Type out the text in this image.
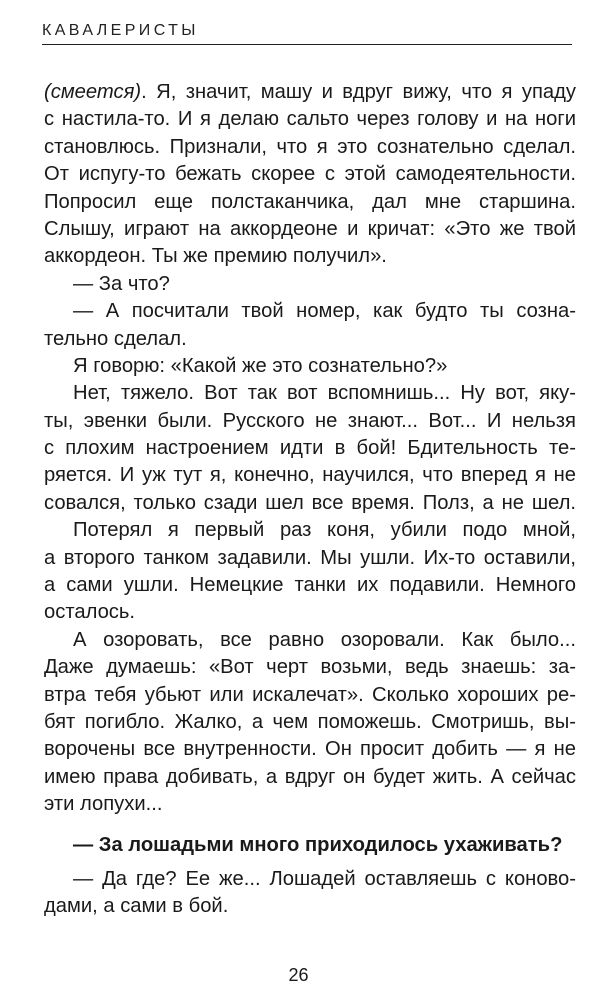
КАВАЛЕРИСТЫ
(смеется). Я, значит, машу и вдруг вижу, что я упаду
с настила-то. И я делаю сальто через голову и на ноги
становлюсь. Признали, что я это сознательно сделал.
От испугу-то бежать скорее с этой самодеятельности.
Попросил еще полстаканчика, дал мне старшина.
Слышу, играют на аккордеоне и кричат: «Это же твой
аккордеон. Ты же премию получил».
— За что?
— А посчитали твой номер, как будто ты созна-
тельно сделал.
Я говорю: «Какой же это сознательно?»
Нет, тяжело. Вот так вот вспомнишь... Ну вот, яку-
ты, эвенки были. Русского не знают... Вот... И нельзя
с плохим настроением идти в бой! Бдительность те-
ряется. И уж тут я, конечно, научился, что вперед я не
совался, только сзади шел все время. Полз, а не шел.
Потерял я первый раз коня, убили подо мной,
а второго танком задавили. Мы ушли. Их-то оставили,
а сами ушли. Немецкие танки их подавили. Немного
осталось.
А озоровать, все равно озоровали. Как было...
Даже думаешь: «Вот черт возьми, ведь знаешь: за-
втра тебя убьют или искалечат». Сколько хороших ре-
бят погибло. Жалко, а чем поможешь. Смотришь, вы-
ворочены все внутренности. Он просит добить — я не
имею права добивать, а вдруг он будет жить. А сейчас
эти лопухи...
— За лошадьми много приходилось ухаживать?
— Да где? Ее же... Лошадей оставляешь с коново-
дами, а сами в бой.
26
